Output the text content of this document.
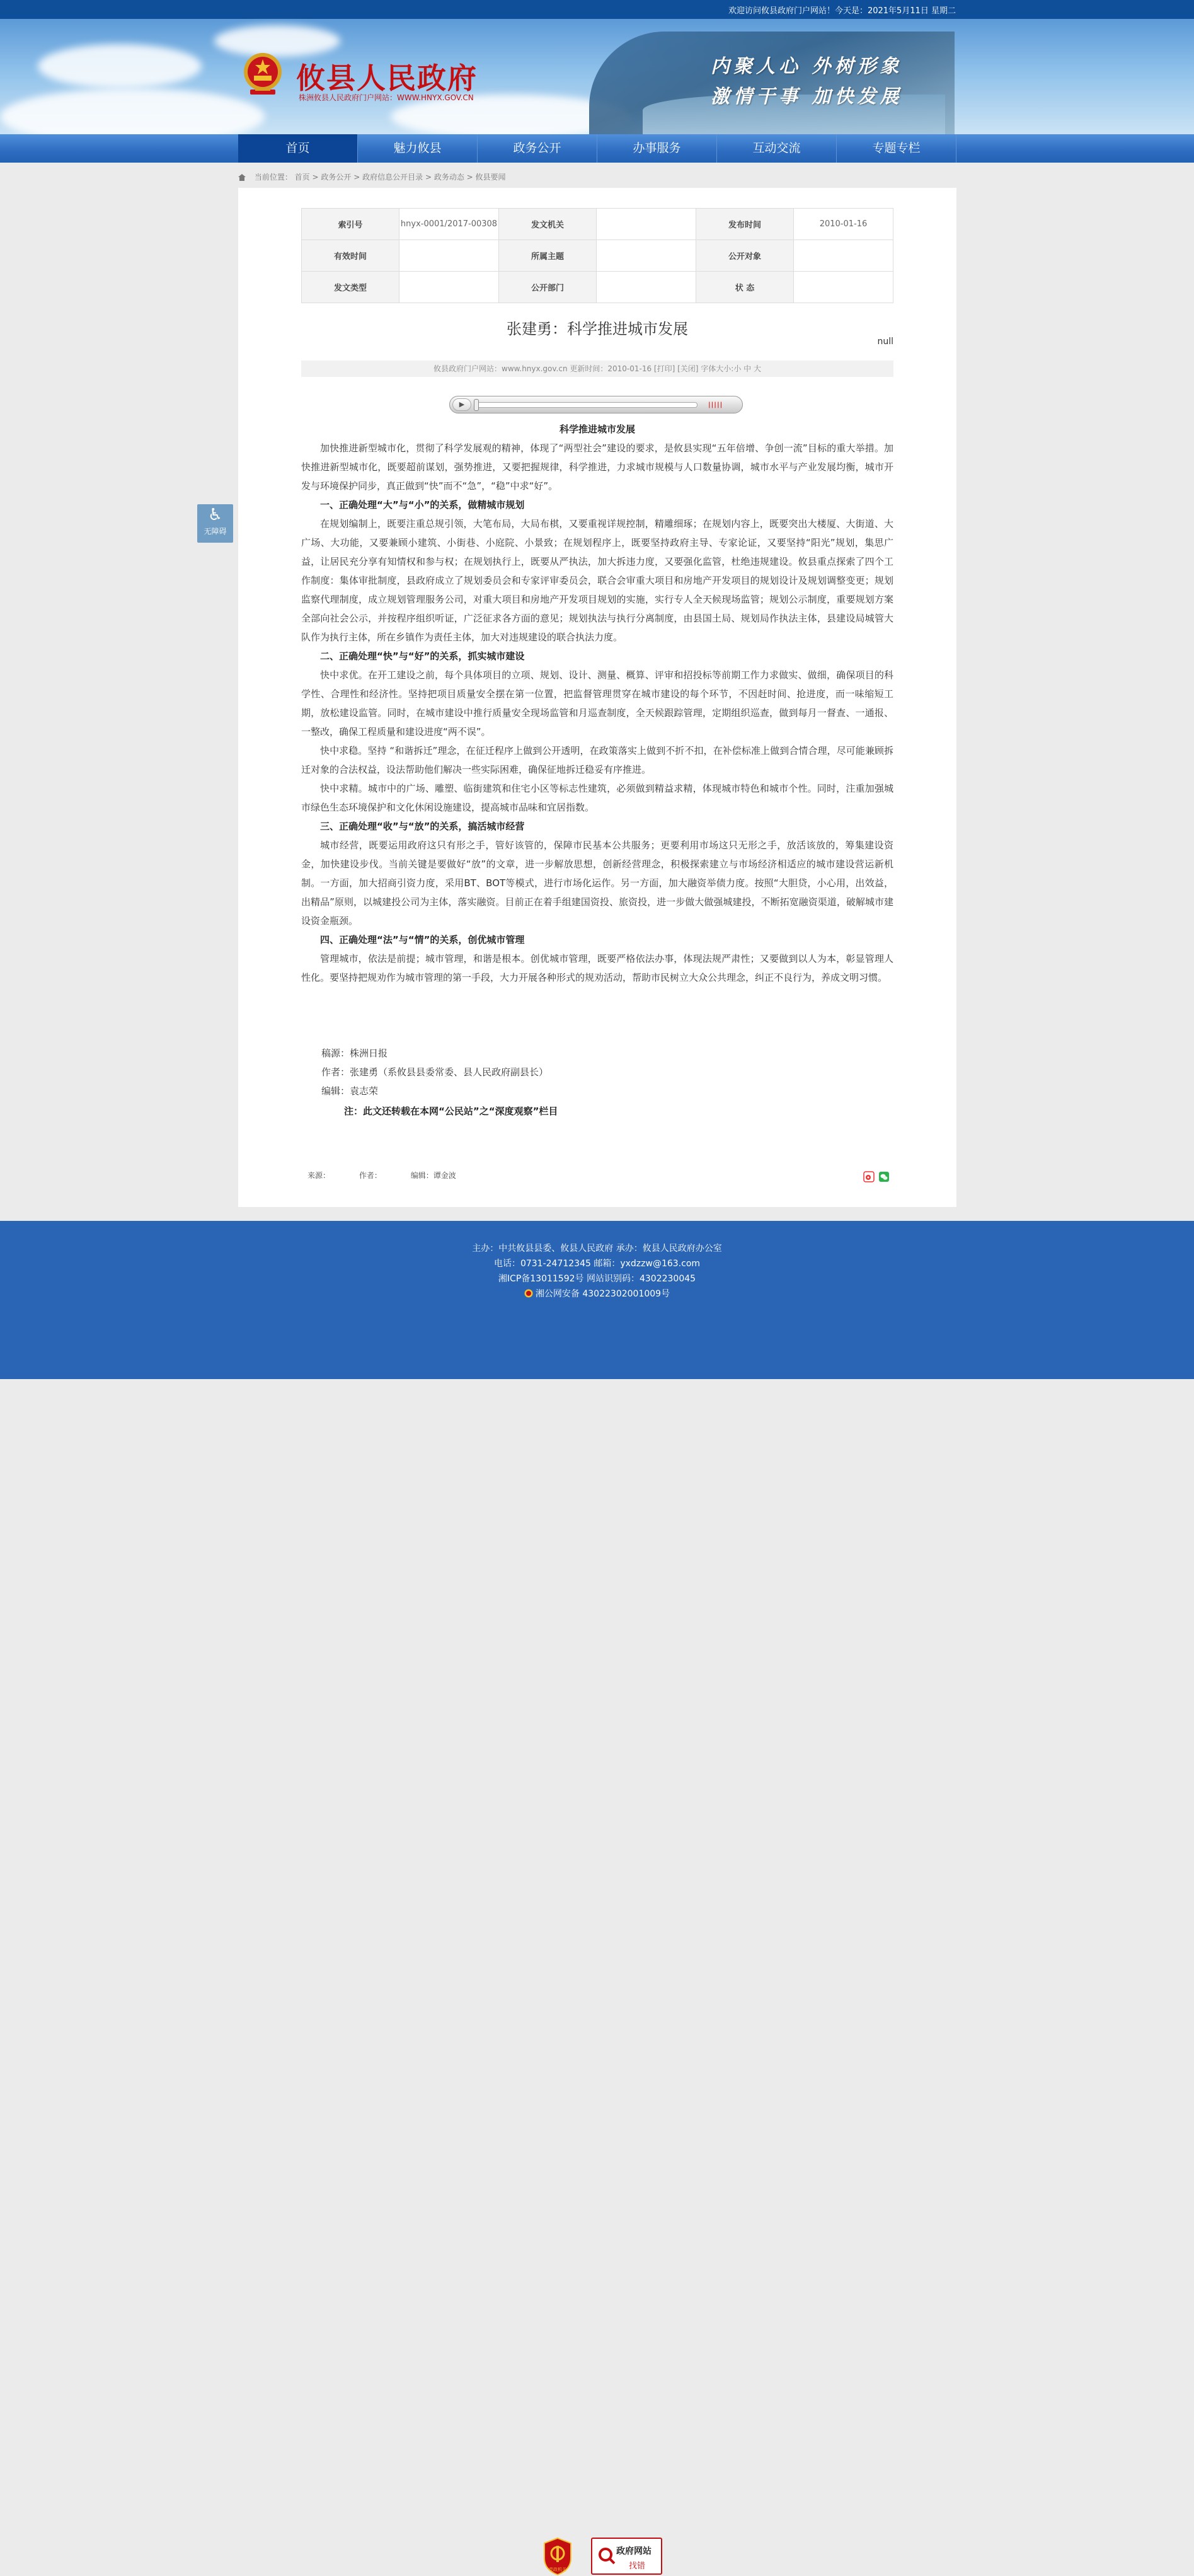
欢迎访问攸县政府门户网站！今天是：2021年5月11日 星期二
攸县人民政府
株洲攸县人民政府门户网站：WWW.HNYX.GOV.CN
内聚人心 外树形象
激情干事 加快发展
首页	魅力攸县	政务公开	办事服务	互动交流	专题专栏
当前位置： 首页 > 政务公开 > 政府信息公开目录 > 政务动态 > 攸县要闻
♿
无障碍
索引号	hnyx-0001/2017-00308	发文机关		发布时间	2010-01-16
有效时间		所属主题		公开对象	
发文类型		公开部门		状 态	
张建勇：科学推进城市发展
null
攸县政府门户网站：www.hnyx.gov.cn 更新时间：2010-01-16 [打印] [关闭] 字体大小:小 中 大
▶	|||||

科学推进城市发展

加快推进新型城市化，贯彻了科学发展观的精神，体现了“两型社会”建设的要求，是攸县实现“五年倍增、争创一流”目标的重大举措。加快推进新型城市化，既要超前谋划，强势推进，又要把握规律，科学推进，力求城市规模与人口数量协调，城市水平与产业发展均衡，城市开发与环境保护同步，真正做到“快”而不“急”，“稳”中求“好”。

一、正确处理“大”与“小”的关系，做精城市规划

在规划编制上，既要注重总规引领，大笔布局，大局布棋，又要重视详规控制，精雕细琢；在规划内容上，既要突出大楼厦、大街道、大广场、大功能，又要兼顾小建筑、小街巷、小庭院、小景致；在规划程序上，既要坚持政府主导、专家论证，又要坚持“阳光”规划，集思广益，让居民充分享有知情权和参与权；在规划执行上，既要从严执法，加大拆违力度，又要强化监管，杜绝违规建设。攸县重点探索了四个工作制度：集体审批制度，县政府成立了规划委员会和专家评审委员会，联合会审重大项目和房地产开发项目的规划设计及规划调整变更；规划监察代理制度，成立规划管理服务公司，对重大项目和房地产开发项目规划的实施，实行专人全天候现场监管；规划公示制度，重要规划方案全部向社会公示，并按程序组织听证，广泛征求各方面的意见；规划执法与执行分离制度，由县国土局、规划局作执法主体，县建设局城管大队作为执行主体，所在乡镇作为责任主体，加大对违规建设的联合执法力度。

二、正确处理“快”与“好”的关系，抓实城市建设

快中求优。在开工建设之前，每个具体项目的立项、规划、设计、测量、概算、评审和招投标等前期工作力求做实、做细，确保项目的科学性、合理性和经济性。坚持把项目质量安全摆在第一位置，把监督管理贯穿在城市建设的每个环节，不因赶时间、抢进度，而一味缩短工期，放松建设监管。同时，在城市建设中推行质量安全现场监管和月巡查制度，全天候跟踪管理，定期组织巡查，做到每月一督查、一通报、一整改，确保工程质量和建设进度“两不误”。

快中求稳。坚持 “和谐拆迁”理念，在征迁程序上做到公开透明，在政策落实上做到不折不扣，在补偿标准上做到合情合理，尽可能兼顾拆迁对象的合法权益，设法帮助他们解决一些实际困难，确保征地拆迁稳妥有序推进。

快中求精。城市中的广场、雕塑、临街建筑和住宅小区等标志性建筑，必须做到精益求精，体现城市特色和城市个性。同时，注重加强城市绿色生态环境保护和文化休闲设施建设，提高城市品味和宜居指数。

三、正确处理“收”与“放”的关系，搞活城市经营

城市经营，既要运用政府这只有形之手，管好该管的，保障市民基本公共服务；更要利用市场这只无形之手，放活该放的，筹集建设资金，加快建设步伐。当前关键是要做好“放”的文章，进一步解放思想，创新经营理念，积极探索建立与市场经济相适应的城市建设营运新机制。一方面，加大招商引资力度，采用BT、BOT等模式，进行市场化运作。另一方面，加大融资举债力度。按照“大胆贷，小心用，出效益，出精品”原则，以城建投公司为主体，落实融资。目前正在着手组建国资投、旅资投，进一步做大做强城建投，不断拓宽融资渠道，破解城市建设资金瓶颈。

四、正确处理“法”与“情”的关系，创优城市管理

管理城市，依法是前提；城市管理，和谐是根本。创优城市管理，既要严格依法办事，体现法规严肃性；又要做到以人为本，彰显管理人性化。要坚持把规劝作为城市管理的第一手段，大力开展各种形式的规劝活动，帮助市民树立大众公共理念，纠正不良行为，养成文明习惯。

稿源：株洲日报

作者：张建勇（系攸县县委常委、县人民政府副县长）

编辑：袁志荣

注：此文还转载在本网“公民站”之“深度观察”栏目

来源：	作者：	编辑：谭金波

主办：中共攸县县委、攸县人民政府 承办：攸县人民政府办公室

电话：0731-24712345 邮箱：yxdzzw@163.com

湘ICP备13011592号 网站识别码：4302230045

湘公网安备 43022302001009号

党政机关
政府网站
找错
